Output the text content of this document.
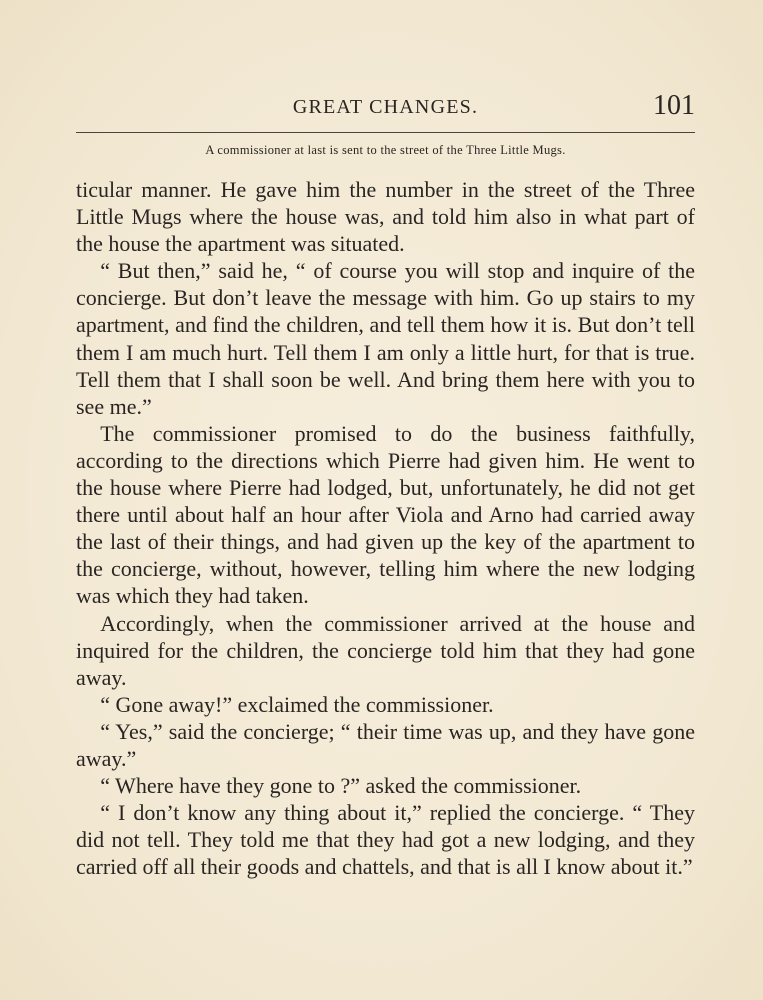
GREAT CHANGES.	101
A commissioner at last is sent to the street of the Three Little Mugs.

ticular manner. He gave him the number in the street of the Three Little Mugs where the house was, and told him also in what part of the house the apartment was situated.

“ But then,” said he, “ of course you will stop and inquire of the concierge. But don’t leave the message with him. Go up stairs to my apartment, and find the children, and tell them how it is. But don’t tell them I am much hurt. Tell them I am only a little hurt, for that is true. Tell them that I shall soon be well. And bring them here with you to see me.”

The commissioner promised to do the business faithfully, according to the directions which Pierre had given him. He went to the house where Pierre had lodged, but, unfortunately, he did not get there until about half an hour after Viola and Arno had carried away the last of their things, and had given up the key of the apartment to the concierge, without, however, telling him where the new lodging was which they had taken.

Accordingly, when the commissioner arrived at the house and inquired for the children, the concierge told him that they had gone away.

“ Gone away!” exclaimed the commissioner.

“ Yes,” said the concierge; “ their time was up, and they have gone away.”

“ Where have they gone to ?” asked the commissioner.

“ I don’t know any thing about it,” replied the concierge. “ They did not tell. They told me that they had got a new lodging, and they carried off all their goods and chattels, and that is all I know about it.”
